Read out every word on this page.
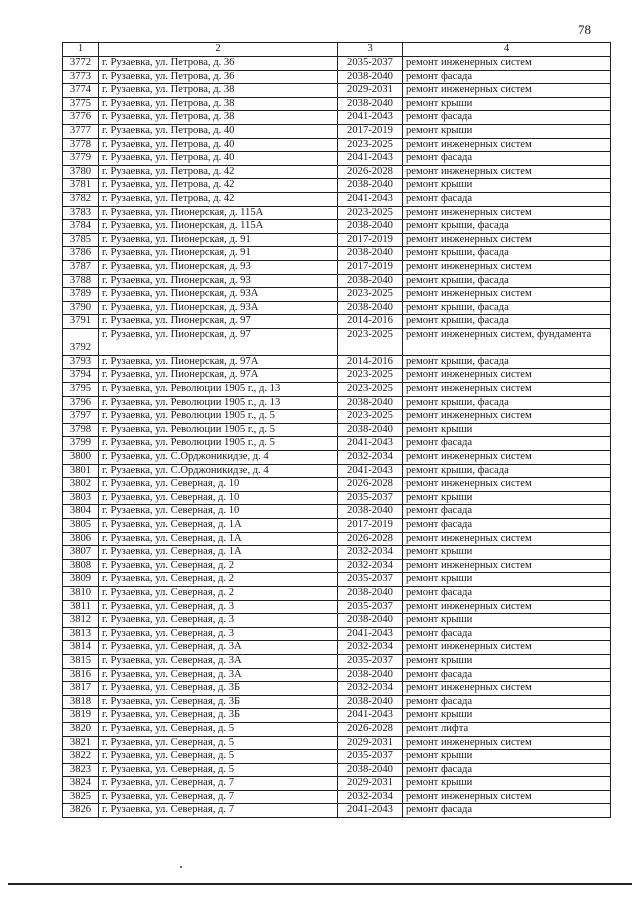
78
1	2	3	4
3772	г. Рузаевка, ул. Петрова, д. 36	2035-2037	ремонт инженерных систем
3773	г. Рузаевка, ул. Петрова, д. 36	2038-2040	ремонт фасада
3774	г. Рузаевка, ул. Петрова, д. 38	2029-2031	ремонт инженерных систем
3775	г. Рузаевка, ул. Петрова, д. 38	2038-2040	ремонт крыши
3776	г. Рузаевка, ул. Петрова, д. 38	2041-2043	ремонт фасада
3777	г. Рузаевка, ул. Петрова, д. 40	2017-2019	ремонт крыши
3778	г. Рузаевка, ул. Петрова, д. 40	2023-2025	ремонт инженерных систем
3779	г. Рузаевка, ул. Петрова, д. 40	2041-2043	ремонт фасада
3780	г. Рузаевка, ул. Петрова, д. 42	2026-2028	ремонт инженерных систем
3781	г. Рузаевка, ул. Петрова, д. 42	2038-2040	ремонт крыши
3782	г. Рузаевка, ул. Петрова, д. 42	2041-2043	ремонт фасада
3783	г. Рузаевка, ул. Пионерская, д. 115А	2023-2025	ремонт инженерных систем
3784	г. Рузаевка, ул. Пионерская, д. 115А	2038-2040	ремонт крыши, фасада
3785	г. Рузаевка, ул. Пионерская, д. 91	2017-2019	ремонт инженерных систем
3786	г. Рузаевка, ул. Пионерская, д. 91	2038-2040	ремонт крыши, фасада
3787	г. Рузаевка, ул. Пионерская, д. 93	2017-2019	ремонт инженерных систем
3788	г. Рузаевка, ул. Пионерская, д. 93	2038-2040	ремонт крыши, фасада
3789	г. Рузаевка, ул. Пионерская, д. 93А	2023-2025	ремонт инженерных систем
3790	г. Рузаевка, ул. Пионерская, д. 93А	2038-2040	ремонт крыши, фасада
3791	г. Рузаевка, ул. Пионерская, д. 97	2014-2016	ремонт крыши, фасада
3792	г. Рузаевка, ул. Пионерская, д. 97	2023-2025	ремонт инженерных систем, фундамента
3793	г. Рузаевка, ул. Пионерская, д. 97А	2014-2016	ремонт крыши, фасада
3794	г. Рузаевка, ул. Пионерская, д. 97А	2023-2025	ремонт инженерных систем
3795	г. Рузаевка, ул. Революции 1905 г., д. 13	2023-2025	ремонт инженерных систем
3796	г. Рузаевка, ул. Революции 1905 г., д. 13	2038-2040	ремонт крыши, фасада
3797	г. Рузаевка, ул. Революции 1905 г., д. 5	2023-2025	ремонт инженерных систем
3798	г. Рузаевка, ул. Революции 1905 г., д. 5	2038-2040	ремонт крыши
3799	г. Рузаевка, ул. Революции 1905 г., д. 5	2041-2043	ремонт фасада
3800	г. Рузаевка, ул. С.Орджоникидзе, д. 4	2032-2034	ремонт инженерных систем
3801	г. Рузаевка, ул. С.Орджоникидзе, д. 4	2041-2043	ремонт крыши, фасада
3802	г. Рузаевка, ул. Северная, д. 10	2026-2028	ремонт инженерных систем
3803	г. Рузаевка, ул. Северная, д. 10	2035-2037	ремонт крыши
3804	г. Рузаевка, ул. Северная, д. 10	2038-2040	ремонт фасада
3805	г. Рузаевка, ул. Северная, д. 1А	2017-2019	ремонт фасада
3806	г. Рузаевка, ул. Северная, д. 1А	2026-2028	ремонт инженерных систем
3807	г. Рузаевка, ул. Северная, д. 1А	2032-2034	ремонт крыши
3808	г. Рузаевка, ул. Северная, д. 2	2032-2034	ремонт инженерных систем
3809	г. Рузаевка, ул. Северная, д. 2	2035-2037	ремонт крыши
3810	г. Рузаевка, ул. Северная, д. 2	2038-2040	ремонт фасада
3811	г. Рузаевка, ул. Северная, д. 3	2035-2037	ремонт инженерных систем
3812	г. Рузаевка, ул. Северная, д. 3	2038-2040	ремонт крыши
3813	г. Рузаевка, ул. Северная, д. 3	2041-2043	ремонт фасада
3814	г. Рузаевка, ул. Северная, д. 3А	2032-2034	ремонт инженерных систем
3815	г. Рузаевка, ул. Северная, д. 3А	2035-2037	ремонт крыши
3816	г. Рузаевка, ул. Северная, д. 3А	2038-2040	ремонт фасада
3817	г. Рузаевка, ул. Северная, д. 3Б	2032-2034	ремонт инженерных систем
3818	г. Рузаевка, ул. Северная, д. 3Б	2038-2040	ремонт фасада
3819	г. Рузаевка, ул. Северная, д. 3Б	2041-2043	ремонт крыши
3820	г. Рузаевка, ул. Северная, д. 5	2026-2028	ремонт лифта
3821	г. Рузаевка, ул. Северная, д. 5	2029-2031	ремонт инженерных систем
3822	г. Рузаевка, ул. Северная, д. 5	2035-2037	ремонт крыши
3823	г. Рузаевка, ул. Северная, д. 5	2038-2040	ремонт фасада
3824	г. Рузаевка, ул. Северная, д. 7	2029-2031	ремонт крыши
3825	г. Рузаевка, ул. Северная, д. 7	2032-2034	ремонт инженерных систем
3826	г. Рузаевка, ул. Северная, д. 7	2041-2043	ремонт фасада
